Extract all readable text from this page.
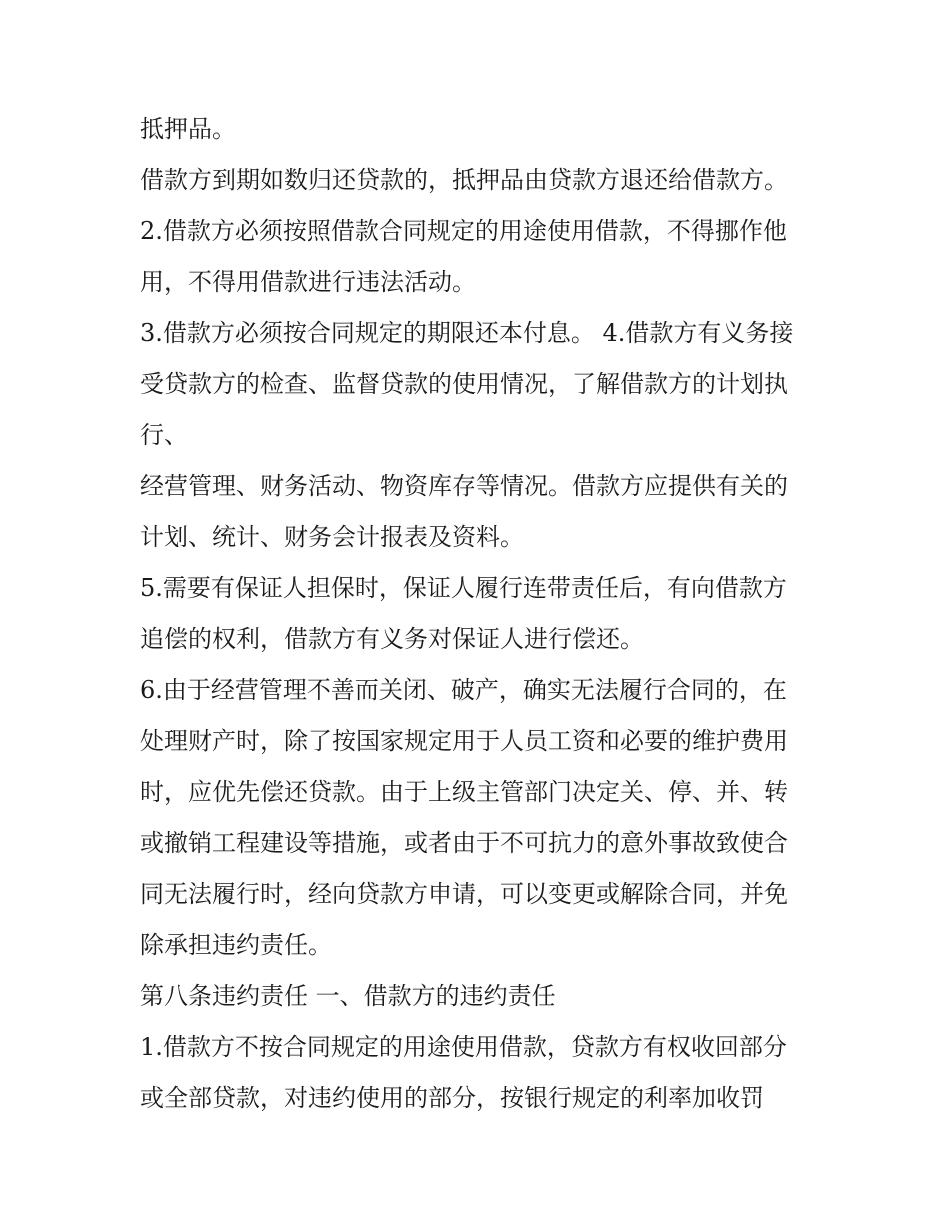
抵押品。
借款方到期如数归还贷款的，抵押品由贷款方退还给借款方。
2.借款方必须按照借款合同规定的用途使用借款，不得挪作他
用，不得用借款进行违法活动。
3.借款方必须按合同规定的期限还本付息。 4.借款方有义务接
受贷款方的检查、监督贷款的使用情况，了解借款方的计划执
行、
经营管理、财务活动、物资库存等情况。借款方应提供有关的
计划、统计、财务会计报表及资料。
5.需要有保证人担保时，保证人履行连带责任后，有向借款方
追偿的权利，借款方有义务对保证人进行偿还。
6.由于经营管理不善而关闭、破产，确实无法履行合同的，在
处理财产时，除了按国家规定用于人员工资和必要的维护费用
时，应优先偿还贷款。由于上级主管部门决定关、停、并、转
或撤销工程建设等措施，或者由于不可抗力的意外事故致使合
同无法履行时，经向贷款方申请，可以变更或解除合同，并免
除承担违约责任。
第八条违约责任 一、借款方的违约责任
1.借款方不按合同规定的用途使用借款，贷款方有权收回部分
或全部贷款，对违约使用的部分，按银行规定的利率加收罚
